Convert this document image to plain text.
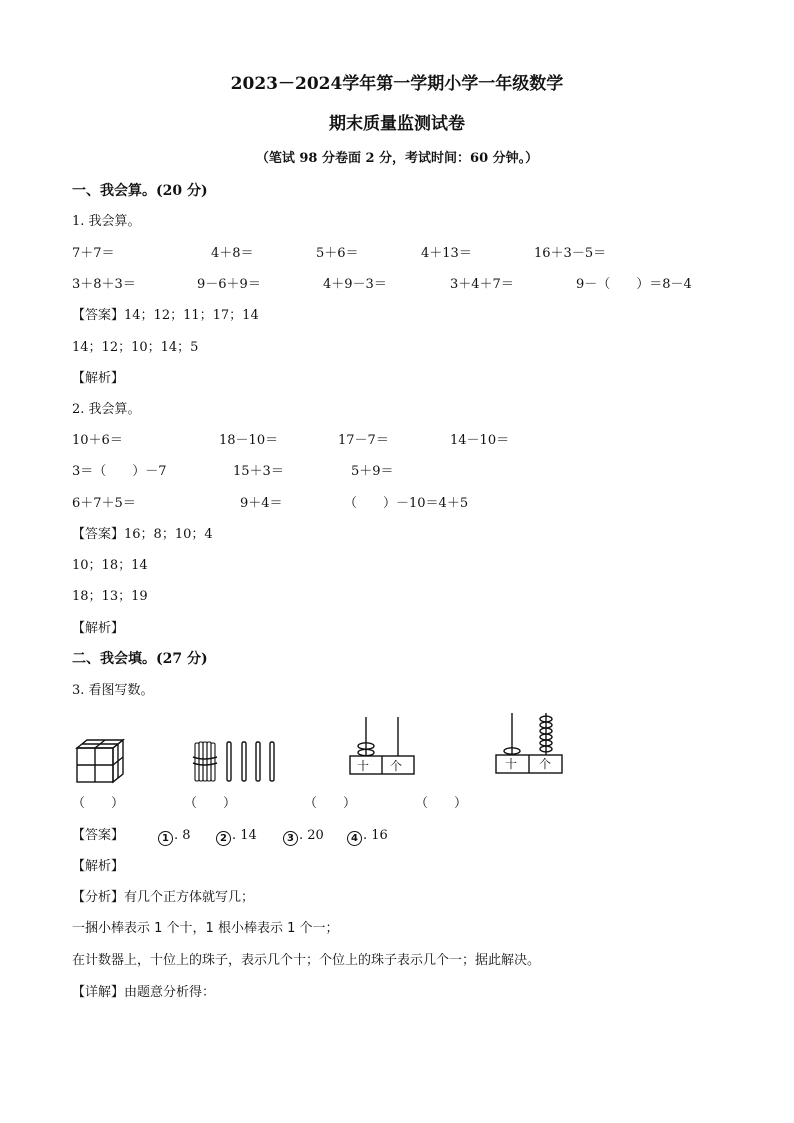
2023－2024学年第一学期小学一年级数学
期末质量监测试卷
（笔试 98 分卷面 2 分，考试时间：60 分钟。）
一、我会算。(20 分)
1. 我会算。
7＋7＝	4＋8＝	5＋6＝	4＋13＝	16＋3－5＝
3＋8＋3＝	9－6＋9＝	4＋9－3＝	3＋4＋7＝	9－（　　）＝8－4
【答案】14；12；11；17；14
14；12；10；14；5
【解析】
2. 我会算。
10＋6＝	18－10＝	17－7＝	14－10＝
3＝（　　）－7	15＋3＝	5＋9＝
6＋7＋5＝	9＋4＝	（　　）－10＝4＋5
【答案】16；8；10；4
10；18；14
18；13；19
【解析】
二、我会填。(27 分)
3. 看图写数。
十 个	十 个
（　　）	（　　）	（　　）	（　　）
【答案】	1 . 8	2 . 14	3 . 20	4 . 16
【解析】
【分析】有几个正方体就写几；
一捆小棒表示 1 个十，1 根小棒表示 1 个一；
在计数器上，十位上的珠子，表示几个十；个位上的珠子表示几个一；据此解决。
【详解】由题意分析得：
